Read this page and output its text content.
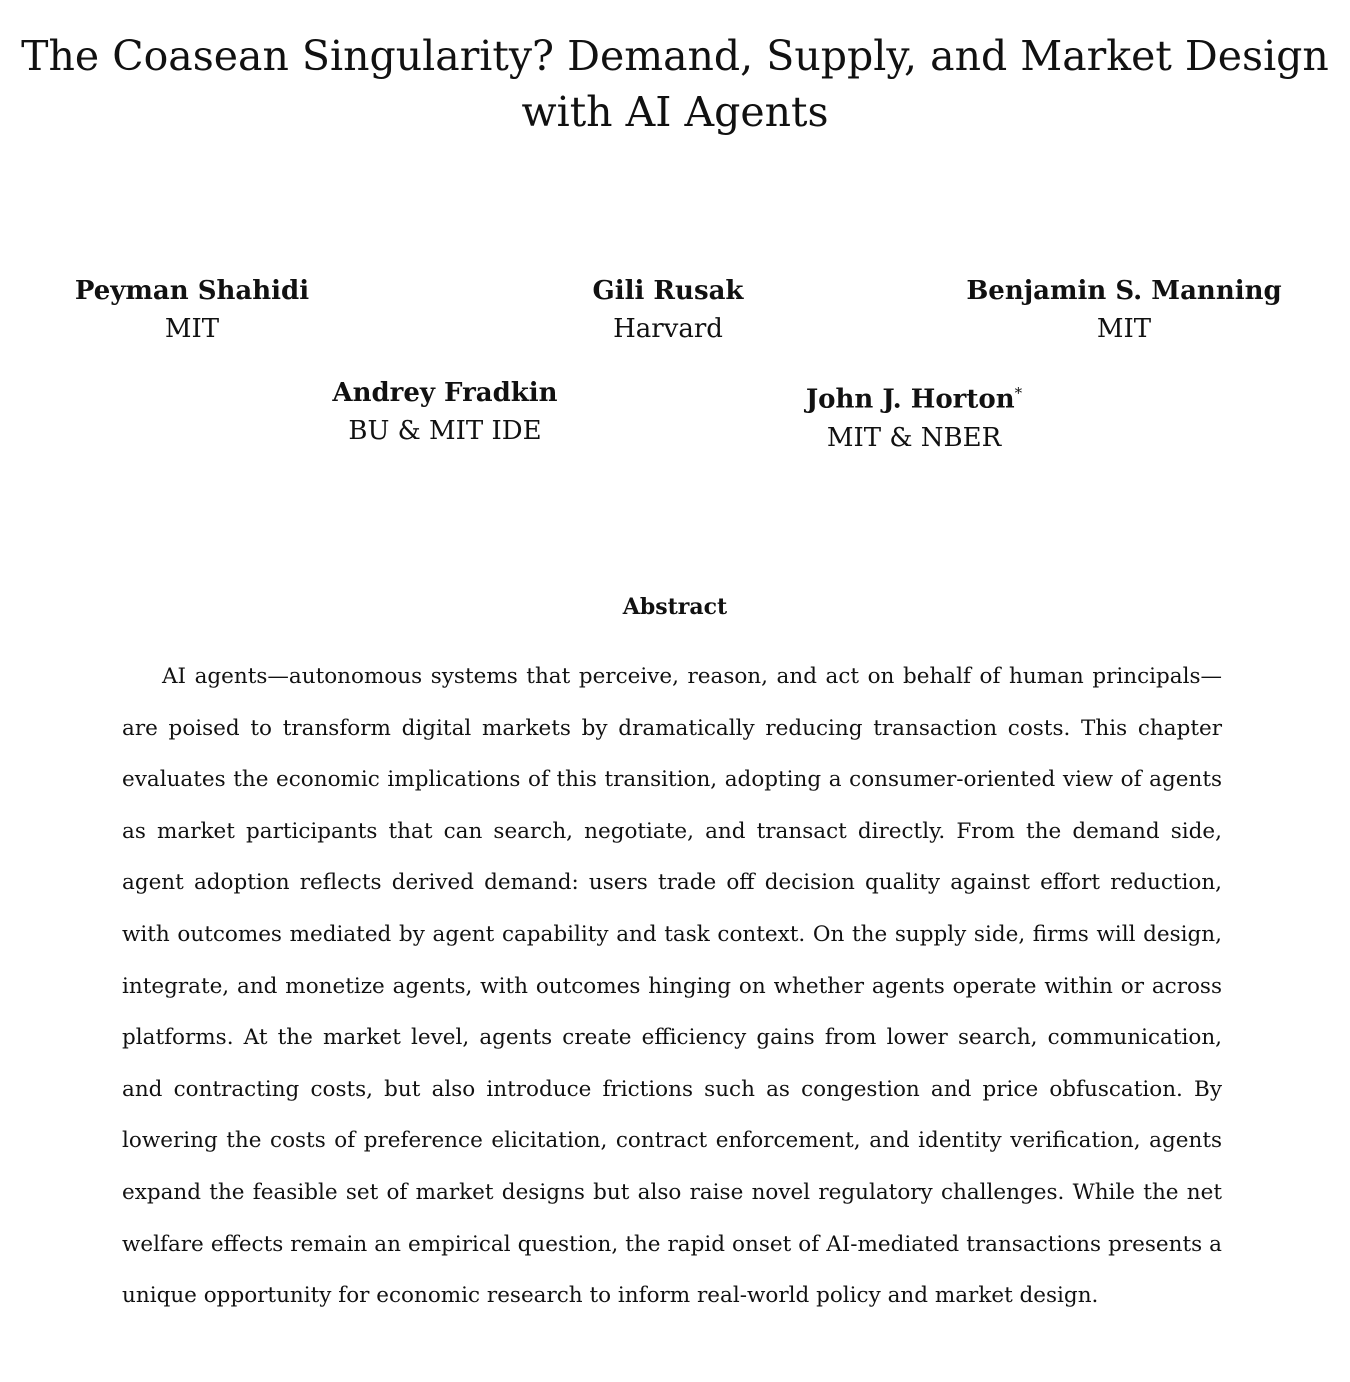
The Coasean Singularity? Demand, Supply, and Market Design
with AI Agents
Peyman Shahidi
MIT
Gili Rusak
Harvard
Benjamin S. Manning
MIT
Andrey Fradkin
BU & MIT IDE
John J. Horton*
MIT & NBER
Abstract

AI agents—autonomous systems that perceive, reason, and act on behalf of human principals—are poised to transform digital markets by dramatically reducing transaction costs. This chapter evaluates the economic implications of this transition, adopting a consumer-oriented view of agents as market participants that can search, negotiate, and transact directly. From the demand side, agent adoption reflects derived demand: users trade off decision quality against effort reduction, with outcomes mediated by agent capability and task context. On the supply side, firms will design, integrate, and monetize agents, with outcomes hinging on whether agents operate within or across platforms. At the market level, agents create efficiency gains from lower search, communication, and contracting costs, but also introduce frictions such as congestion and price obfuscation. By lowering the costs of preference elicitation, contract enforcement, and identity verification, agents expand the feasible set of market designs but also raise novel regulatory challenges. While the net welfare effects remain an empirical question, the rapid onset of AI-mediated transactions presents a unique opportunity for economic research to inform real-world policy and market design.
